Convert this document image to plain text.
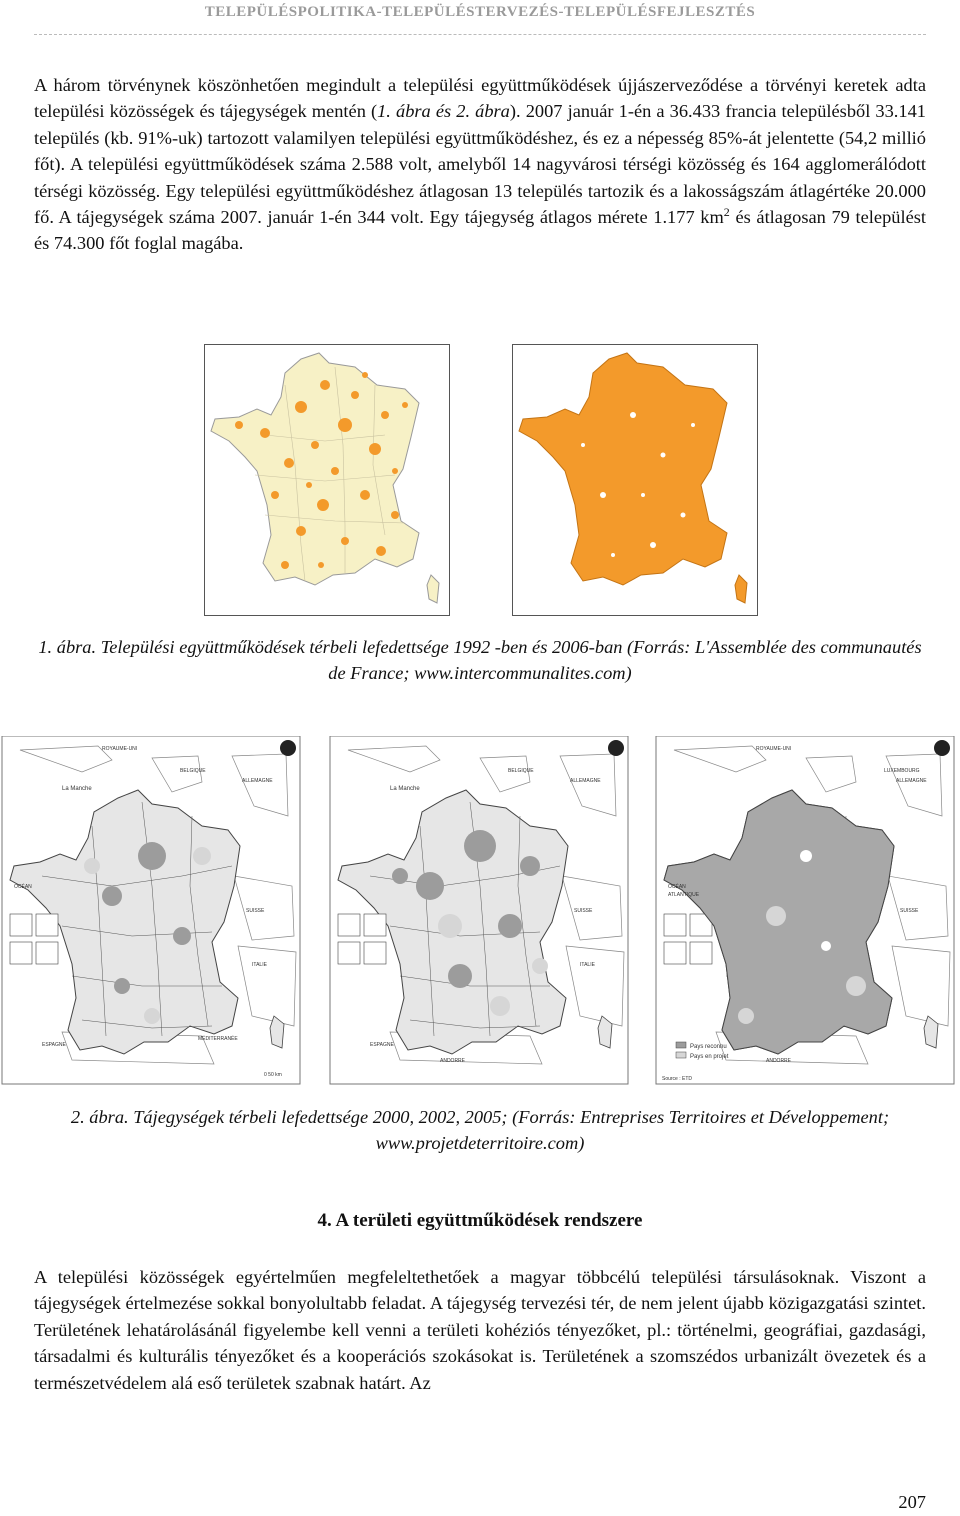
TELEPÜLÉSPOLITIKA-TELEPÜLÉSTERVEZÉS-TELEPÜLÉSFEJLESZTÉS
A három törvénynek köszönhetően megindult a települési együttműködések újjászerveződése a törvényi keretek adta települési közösségek és tájegységek mentén (1. ábra és 2. ábra). 2007 január 1-én a 36.433 francia településből 33.141 település (kb. 91%-uk) tartozott valamilyen települési együttműködéshez, és ez a népesség 85%-át jelentette (54,2 millió főt). A települési együttműködések száma 2.588 volt, amelyből 14 nagyvárosi térségi közösség és 164 agglomerálódott térségi közösség. Egy települési együttműködéshez átlagosan 13 település tartozik és a lakosságszám átlagértéke 20.000 fő. A tájegységek száma 2007. január 1-én 344 volt. Egy tájegység átlagos mérete 1.177 $km^2$ és átlagosan 79 települést és 74.300 főt foglal magába.
1. ábra. Települési együttműködések térbeli lefedettsége 1992 -ben és 2006-ban (Forrás: L'Assemblée des communautés de France; www.intercommunalites.com)
La Manche
ROYAUME-UNI
BELGIQUE
ALLEMAGNE
SUISSE
ITALIE
ESPAGNE
OCÉAN
MÉDITERRANÉE
0 50 km
La Manche
BELGIQUE
ALLEMAGNE
SUISSE
ITALIE
ESPAGNE
ANDORRE
ROYAUME-UNI
ALLEMAGNE
LUXEMBOURG
SUISSE
OCÉAN
ATLANTIQUE
ANDORRE
Pays reconnu
Pays en projet
Source : ETD
2. ábra. Tájegységek térbeli lefedettsége 2000, 2002, 2005; (Forrás: Entreprises Territoires et Développement; www.projetdeterritoire.com)
4. A területi együttműködések rendszere
A települési közösségek egyértelműen megfeleltethetőek a magyar többcélú települési társulásoknak. Viszont a tájegységek értelmezése sokkal bonyolultabb feladat. A tájegység tervezési tér, de nem jelent újabb közigazgatási szintet. Területének lehatárolásánál figyelembe kell venni a területi kohéziós tényezőket, pl.: történelmi, geográfiai, gazdasági, társadalmi és kulturális tényezőket és a kooperációs szokásokat is. Területének a szomszédos urbanizált övezetek és a természetvédelem alá eső területek szabnak határt. Az
207
